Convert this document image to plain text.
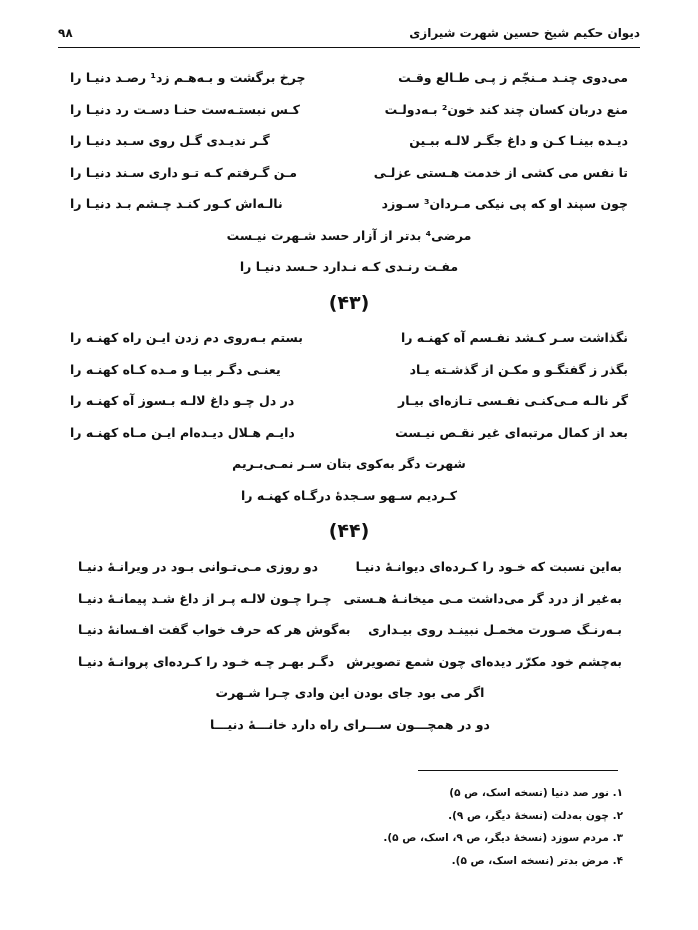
دیوان حکیم شیخ حسین شهرت شیرازی
۹۸
می‌دوی چنـد مـنجّم ز پـی طـالع وقـت
چرخ برگشت و بـه‌هـم زد¹ رصـد دنیـا را
منع دربان کسان چند کند خون² بـه‌دولـت
کـس نبستـه‌ست حنـا دسـت رد دنیـا را
دیـده بینـا کـن و داغ جگـر لالـه ببـین
گـر ندیـدی گـل روی سـبد دنیـا را
تا نفس می کشی از خدمت هـستی عزلـی
مـن گـرفتم کـه تـو داری سـند دنیـا را
چون سپند او که پی نیکی مـردان³ سـوزد
نالـه‌اش کـور کنـد چـشم بـد دنیـا را
مرضی⁴ بدتر از آزار حسد شـهرت نیـست
مفـت رنـدی کـه نـدارد حـسد دنیـا را
(۴۳)
نگذاشت سـر کـشد نفـسم آه کهنـه را
بستم بـه‌روی دم زدن ایـن راه کهنـه را
بگذر ز گفتگـو و مکـن از گذشـته یـاد
یعنـی دگـر بیـا و مـده کـاه کهنـه را
گر نالـه مـی‌کنـی نفـسی تـازه‌ای بیـار
در دل چـو داغ لالـه بـسوز آه کهنـه را
بعد از کمال مرتبه‌ای غیر نقـص نیـست
دایـم هـلال دیـده‌ام ایـن مـاه کهنـه را
شهرت دگر به‌کوی بتان سـر نمـی‌بـریم
کـردیم سـهو سـجدهٔ درگـاه کهنـه را
(۴۴)
به‌این نسبت که خـود را کـرده‌ای دیوانـهٔ دنیـا
دو روزی مـی‌تـوانی بـود در ویرانـهٔ دنیـا
به‌غیر از درد گر می‌داشت مـی میخانـهٔ هـستی
چـرا چـون لالـه پـر از داغ شـد پیمانـهٔ دنیـا
بـه‌رنـگ صـورت مخمـل نبینـد روی بیـداری
به‌گوش هر که حرف خواب گفت افـسانهٔ دنیـا
به‌چشم خود مکرّر دیده‌ای چون شمع تصویرش
دگـر بهـر چـه خـود را کـرده‌ای پروانـهٔ دنیـا
اگر می بود جای بودن این وادی چـرا شـهرت
دو در همچـــون ســـرای راه دارد خانـــهٔ دنیـــا
۱. نور صد دنیا (نسخه اسک، ص ۵)
۲. چون به‌دلت (نسخهٔ دیگر، ص ۹).
۳. مردم سوزد (نسخهٔ دیگر، ص ۹، اسک، ص ۵).
۴. مرض بدتر (نسخه اسک، ص ۵).
